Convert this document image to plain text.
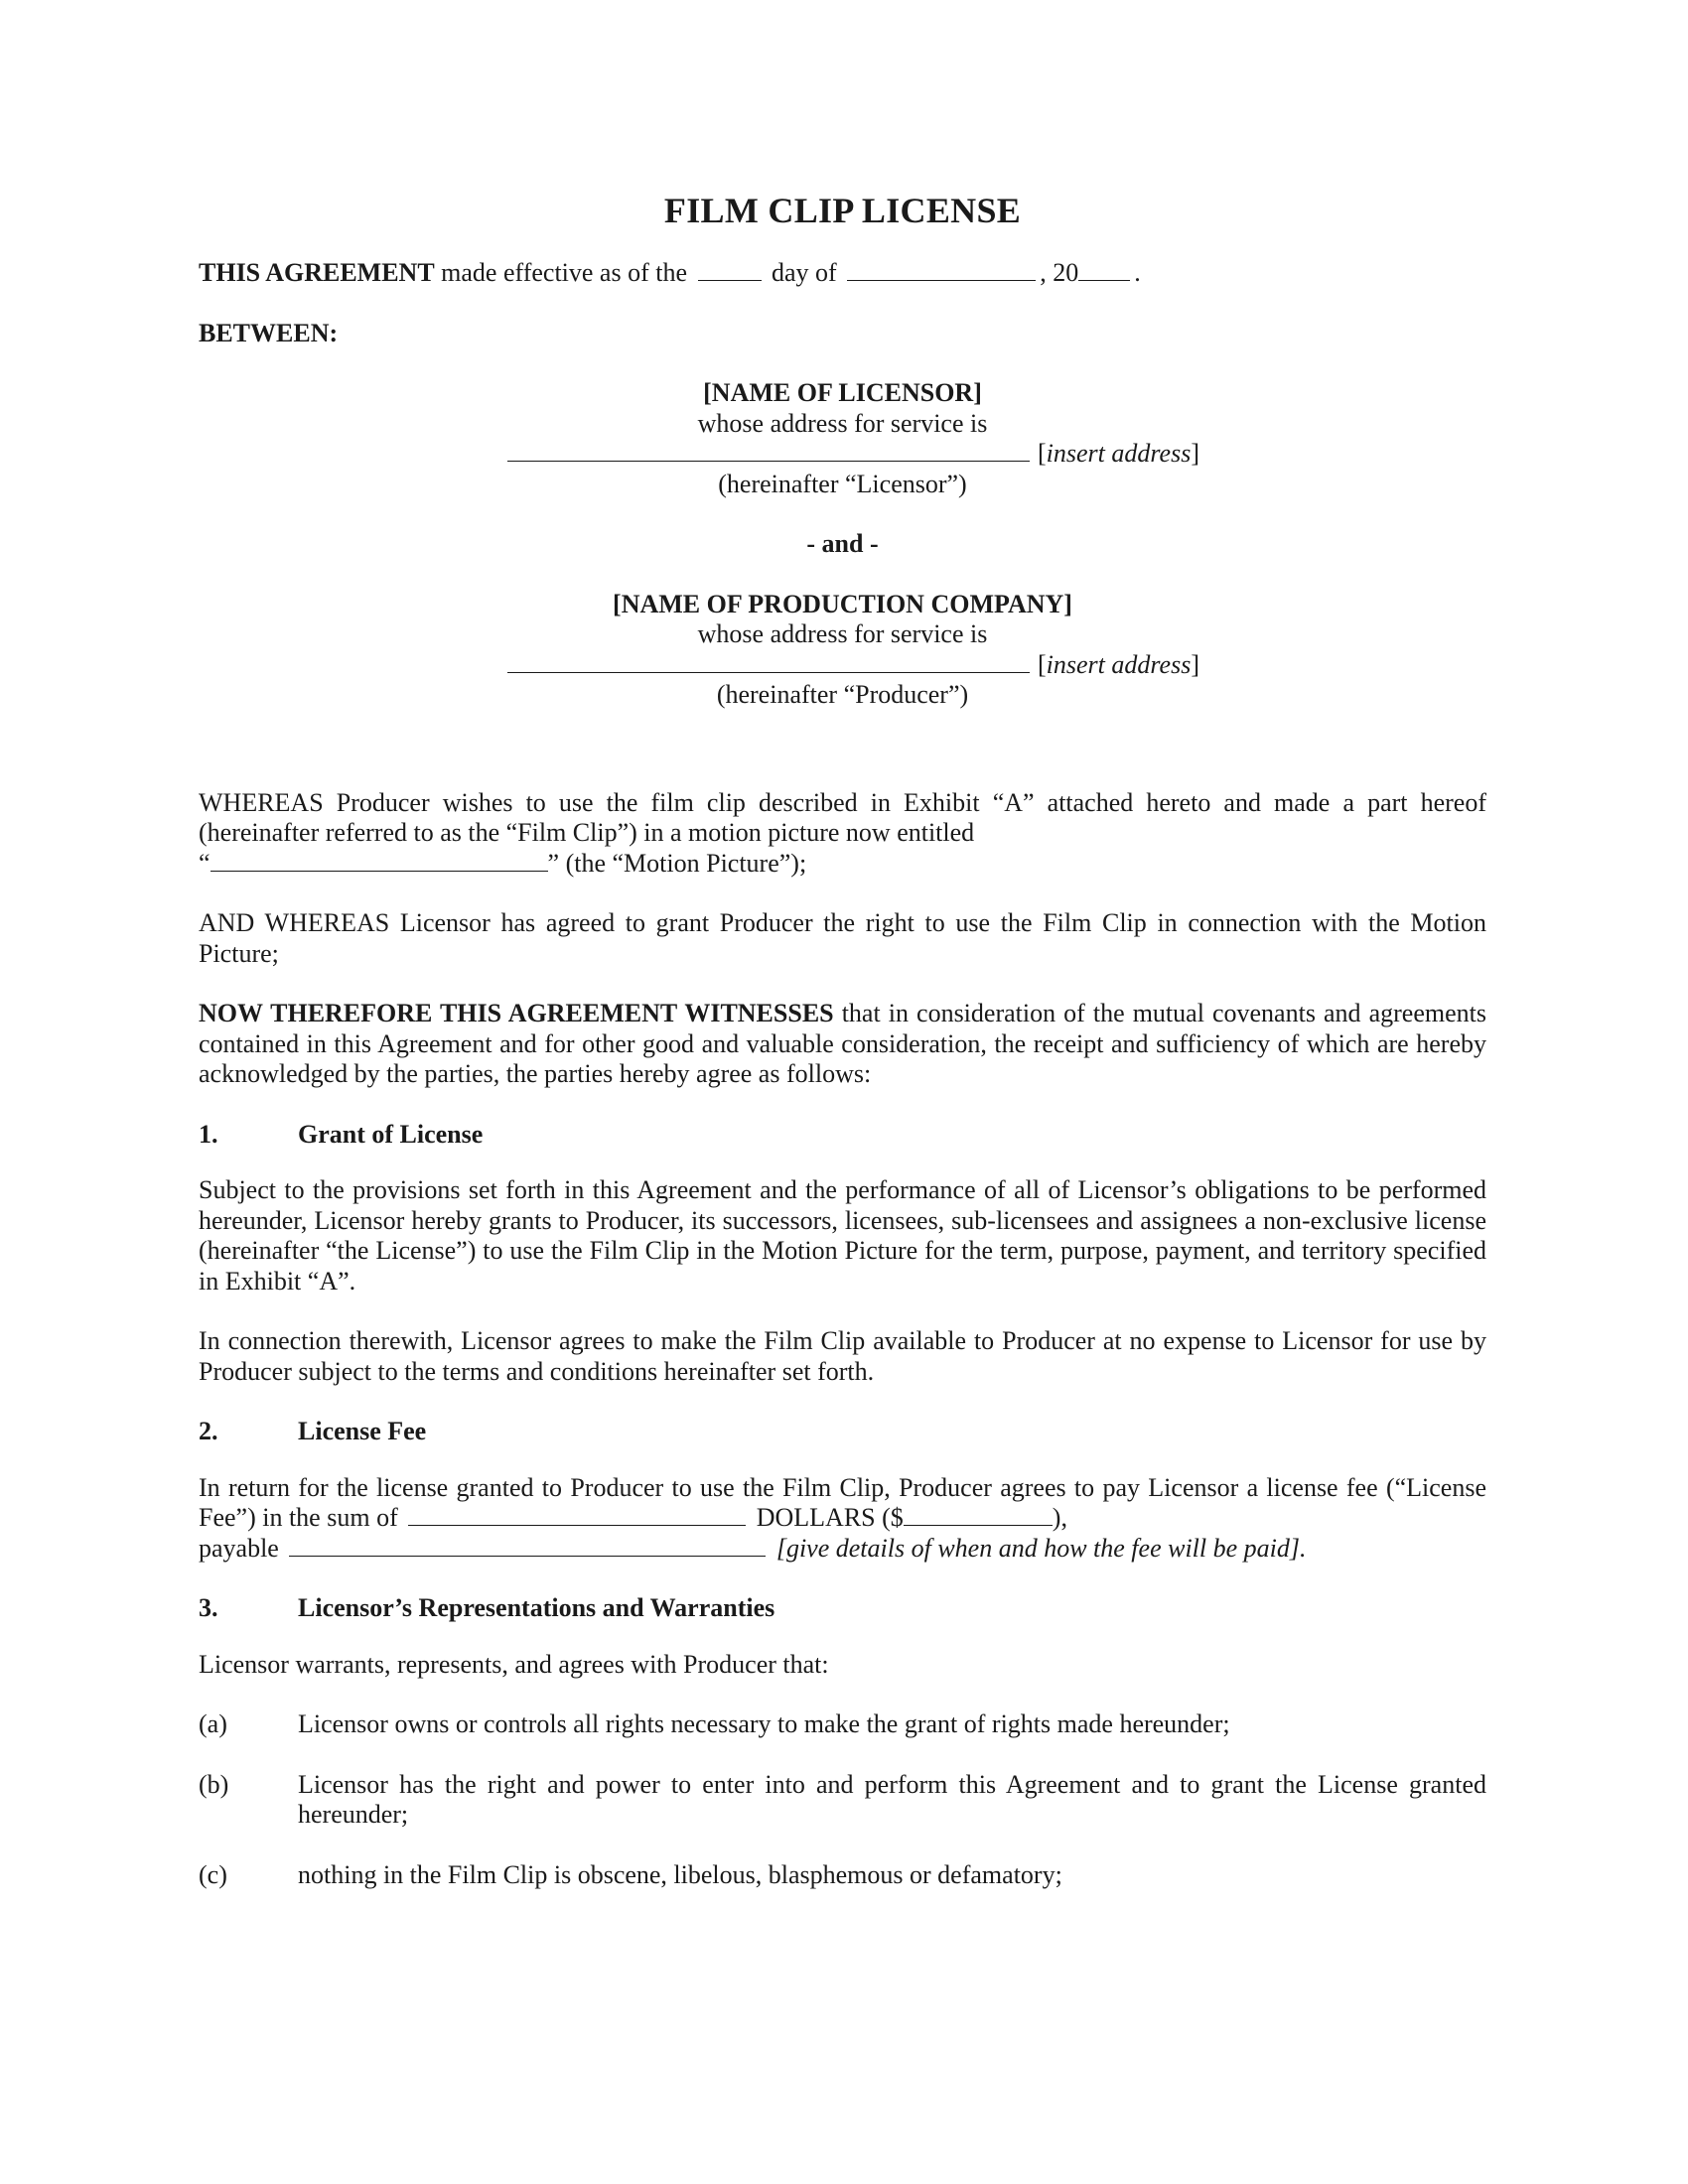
FILM CLIP LICENSE

THIS AGREEMENT made effective as of the	day of	, 20 .

BETWEEN:

[NAME OF LICENSOR]
whose address for service is
[insert address]
(hereinafter “Licensor”)
- and -
[NAME OF PRODUCTION COMPANY]
whose address for service is
[insert address]
(hereinafter “Producer”)

WHEREAS Producer wishes to use the film clip described in Exhibit “A” attached hereto and made a part hereof (hereinafter referred to as the “Film Clip”) in a motion picture now entitled
“	” (the “Motion Picture”);

AND WHEREAS Licensor has agreed to grant Producer the right to use the Film Clip in connection with the Motion Picture;

NOW THEREFORE THIS AGREEMENT WITNESSES that in consideration of the mutual covenants and agreements contained in this Agreement and for other good and valuable consideration, the receipt and sufficiency of which are hereby acknowledged by the parties, the parties hereby agree as follows:

1.	Grant of License

Subject to the provisions set forth in this Agreement and the performance of all of Licensor’s obligations to be performed hereunder, Licensor hereby grants to Producer, its successors, licensees, sub-licensees and assignees a non-exclusive license (hereinafter “the License”) to use the Film Clip in the Motion Picture for the term, purpose, payment, and territory specified in Exhibit “A”.

In connection therewith, Licensor agrees to make the Film Clip available to Producer at no expense to Licensor for use by Producer subject to the terms and conditions hereinafter set forth.

2.	License Fee

In return for the license granted to Producer to use the Film Clip, Producer agrees to pay Licensor a license fee (“License Fee”) in the sum of	DOLLARS ($	),
payable	[give details of when and how the fee will be paid].

3.	Licensor’s Representations and Warranties

Licensor warrants, represents, and agrees with Producer that:

(a)	Licensor owns or controls all rights necessary to make the grant of rights made hereunder;
(b)	Licensor has the right and power to enter into and perform this Agreement and to grant the License granted hereunder;
(c)	nothing in the Film Clip is obscene, libelous, blasphemous or defamatory;
